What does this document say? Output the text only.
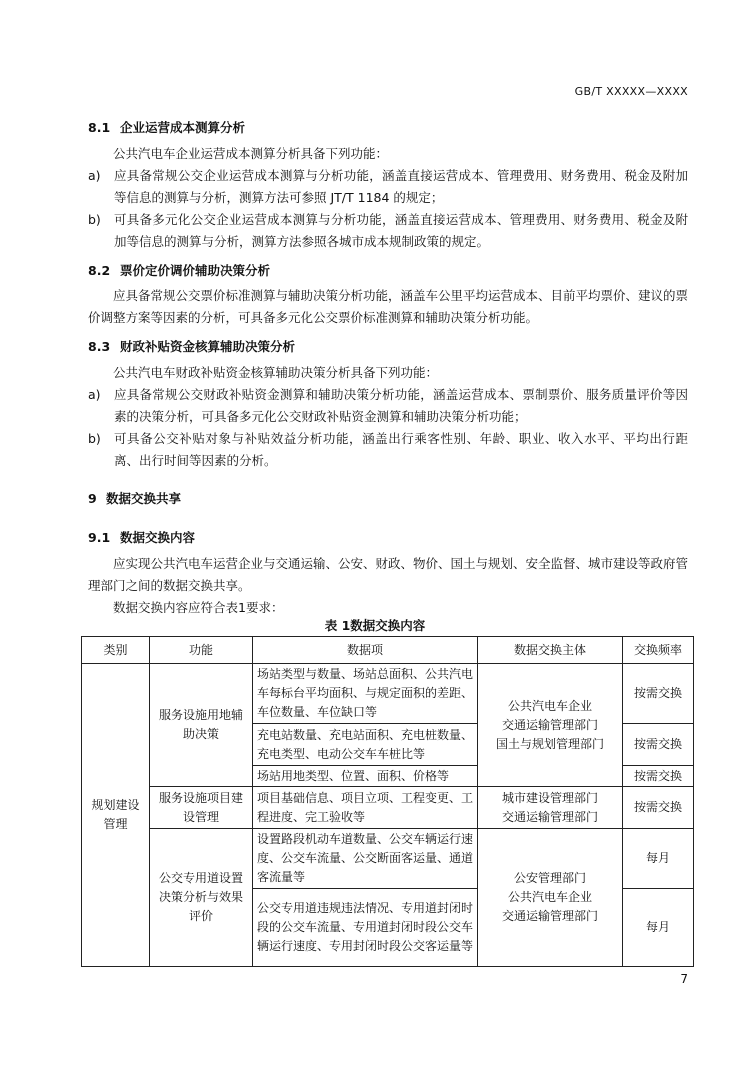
GB/T XXXXX—XXXX
8.1 企业运营成本测算分析
公共汽电车企业运营成本测算分析具备下列功能：
a) 应具备常规公交企业运营成本测算与分析功能，涵盖直接运营成本、管理费用、财务费用、税金及附加等信息的测算与分析，测算方法可参照 JT/T 1184 的规定；
b) 可具备多元化公交企业运营成本测算与分析功能，涵盖直接运营成本、管理费用、财务费用、税金及附加等信息的测算与分析，测算方法参照各城市成本规制政策的规定。
8.2 票价定价调价辅助决策分析
应具备常规公交票价标准测算与辅助决策分析功能，涵盖车公里平均运营成本、目前平均票价、建议的票价调整方案等因素的分析，可具备多元化公交票价标准测算和辅助决策分析功能。
8.3 财政补贴资金核算辅助决策分析
公共汽电车财政补贴资金核算辅助决策分析具备下列功能：
a) 应具备常规公交财政补贴资金测算和辅助决策分析功能，涵盖运营成本、票制票价、服务质量评价等因素的决策分析，可具备多元化公交财政补贴资金测算和辅助决策分析功能；
b) 可具备公交补贴对象与补贴效益分析功能，涵盖出行乘客性别、年龄、职业、收入水平、平均出行距离、出行时间等因素的分析。
9 数据交换共享
9.1 数据交换内容
应实现公共汽电车运营企业与交通运输、公安、财政、物价、国土与规划、安全监督、城市建设等政府管理部门之间的数据交换共享。
数据交换内容应符合表1要求：
表 1数据交换内容
类别	功能	数据项	数据交换主体	交换频率
规划建设管理	服务设施用地辅助决策	场站类型与数量、场站总面积、公共汽电车每标台平均面积、与规定面积的差距、车位数量、车位缺口等	公共汽电车企业
交通运输管理部门
国土与规划管理部门	按需交换
		充电站数量、充电站面积、充电桩数量、充电类型、电动公交车车桩比等		按需交换
		场站用地类型、位置、面积、价格等		按需交换
	服务设施项目建设管理	项目基础信息、项目立项、工程变更、工程进度、完工验收等	城市建设管理部门
交通运输管理部门	按需交换
	公交专用道设置决策分析与效果评价	设置路段机动车道数量、公交车辆运行速度、公交车流量、公交断面客运量、通道客流量等	公安管理部门
公共汽电车企业
交通运输管理部门	每月
		公交专用道违规违法情况、专用道封闭时段的公交车流量、专用道封闭时段公交车辆运行速度、专用封闭时段公交客运量等		每月
7
